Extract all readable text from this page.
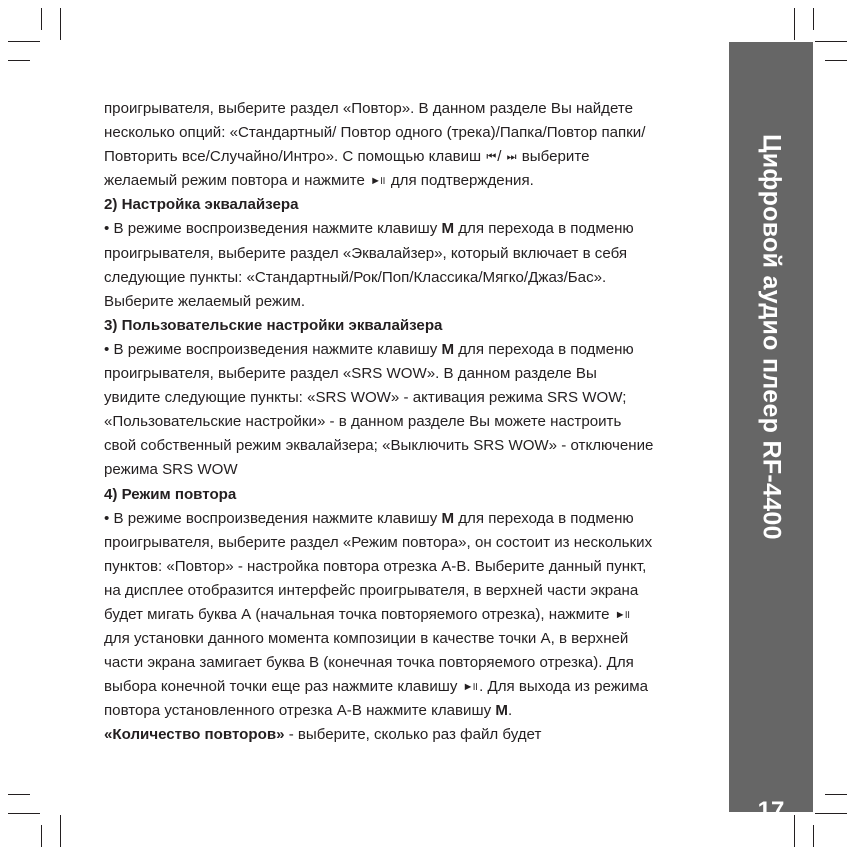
Цифровой аудио плеер RF-4400
17
проигрывателя, выберите раздел «Повтор». В данном разделе Вы найдете
несколько опций: «Стандартный/ Повтор одного (трека)/Папка/Повтор папки/
Повторить все/Случайно/Интро». С помощью клавиш ⏮ / ⏭ выберите
желаемый режим повтора и нажмите ►॥ для подтверждения.
2) Настройка эквалайзера
• В режиме воспроизведения нажмите клавишу M для перехода в подменю
проигрывателя, выберите раздел «Эквалайзер», который включает в себя
следующие пункты: «Стандартный/Рок/Поп/Классика/Мягко/Джаз/Бас».
Выберите желаемый режим.
3) Пользовательские настройки эквалайзера
• В режиме воспроизведения нажмите клавишу M для перехода в подменю
проигрывателя, выберите раздел «SRS WOW». В данном разделе Вы
увидите следующие пункты: «SRS WOW» - активация режима SRS WOW;
«Пользовательские настройки» - в данном разделе Вы можете настроить
свой собственный режим эквалайзера; «Выключить SRS WOW» - отключение
режима SRS WOW
4) Режим повтора
• В режиме воспроизведения нажмите клавишу M для перехода в подменю
проигрывателя, выберите раздел «Режим повтора», он состоит из нескольких
пунктов: «Повтор» - настройка повтора отрезка А-В. Выберите данный пункт,
на дисплее отобразится интерфейс проигрывателя, в верхней части экрана
будет мигать буква А (начальная точка повторяемого отрезка), нажмите ►॥
для установки данного момента композиции в качестве точки А, в верхней
части экрана замигает буква В (конечная точка повторяемого отрезка). Для
выбора конечной точки еще раз нажмите клавишу ►॥ . Для выхода из режима
повтора установленного отрезка А-В нажмите клавишу M.
«Количество повторов» - выберите, сколько раз файл будет
